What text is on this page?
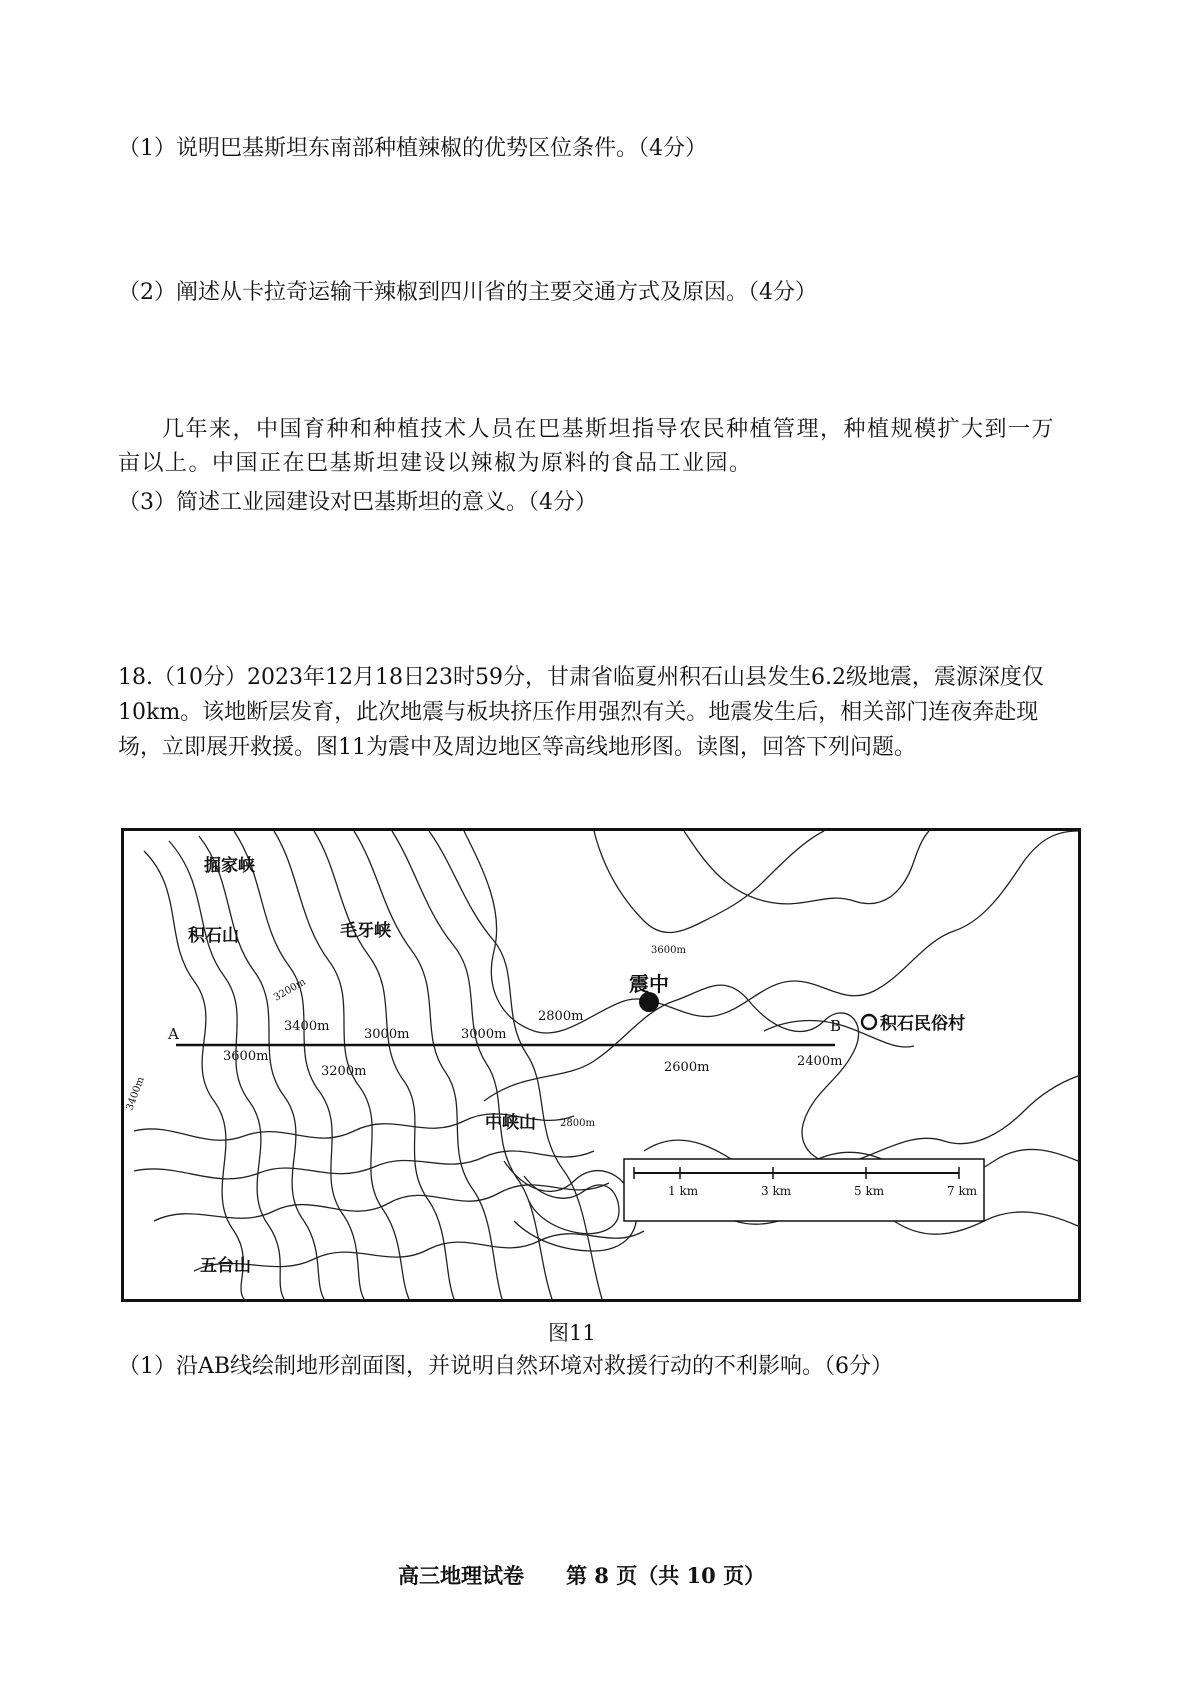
（1）说明巴基斯坦东南部种植辣椒的优势区位条件。（4分）
（2）阐述从卡拉奇运输干辣椒到四川省的主要交通方式及原因。（4分）
几年来，中国育种和种植技术人员在巴基斯坦指导农民种植管理，种植规模扩大到一万亩以上。中国正在巴基斯坦建设以辣椒为原料的食品工业园。
（3）简述工业园建设对巴基斯坦的意义。（4分）
18.（10分）2023年12月18日23时59分，甘肃省临夏州积石山县发生6.2级地震，震源深度仅10km。该地断层发育，此次地震与板块挤压作用强烈有关。地震发生后，相关部门连夜奔赴现场，立即展开救援。图11为震中及周边地区等高线地形图。读图，回答下列问题。
A	B
震中
积石民俗村
掘家峡
积石山	毛牙峡
中峡山
五台山
3600m
3400m
3000m	3000m
2800m
3200m	2600m	2400m
3600m
3200m
3400m
2800m
1 km	3 km	5 km	7 km
图11
（1）沿AB线绘制地形剖面图，并说明自然环境对救援行动的不利影响。（6分）
高三地理试卷 第 8 页（共 10 页）
